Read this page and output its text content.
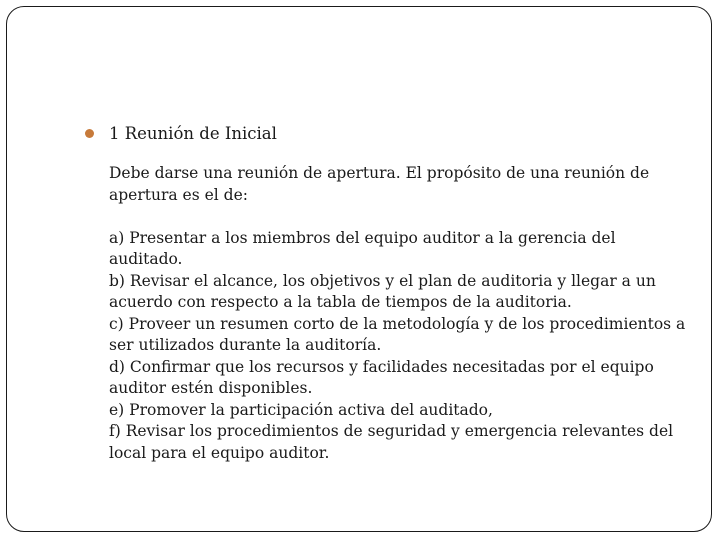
1 Reunión de Inicial

Debe darse una reunión de apertura. El propósito de una reunión de apertura es el de:

a) Presentar a los miembros del equipo auditor a la gerencia del auditado.

b) Revisar el alcance, los objetivos y el plan de auditoria y llegar a un acuerdo con respecto a la tabla de tiempos de la auditoria.

c) Proveer un resumen corto de la metodología y de los procedimientos a ser utilizados durante la auditoría.

d) Confirmar que los recursos y facilidades necesitadas por el equipo auditor estén disponibles.

e) Promover la participación activa del auditado,

f) Revisar los procedimientos de seguridad y emergencia relevantes del local para el equipo auditor.
